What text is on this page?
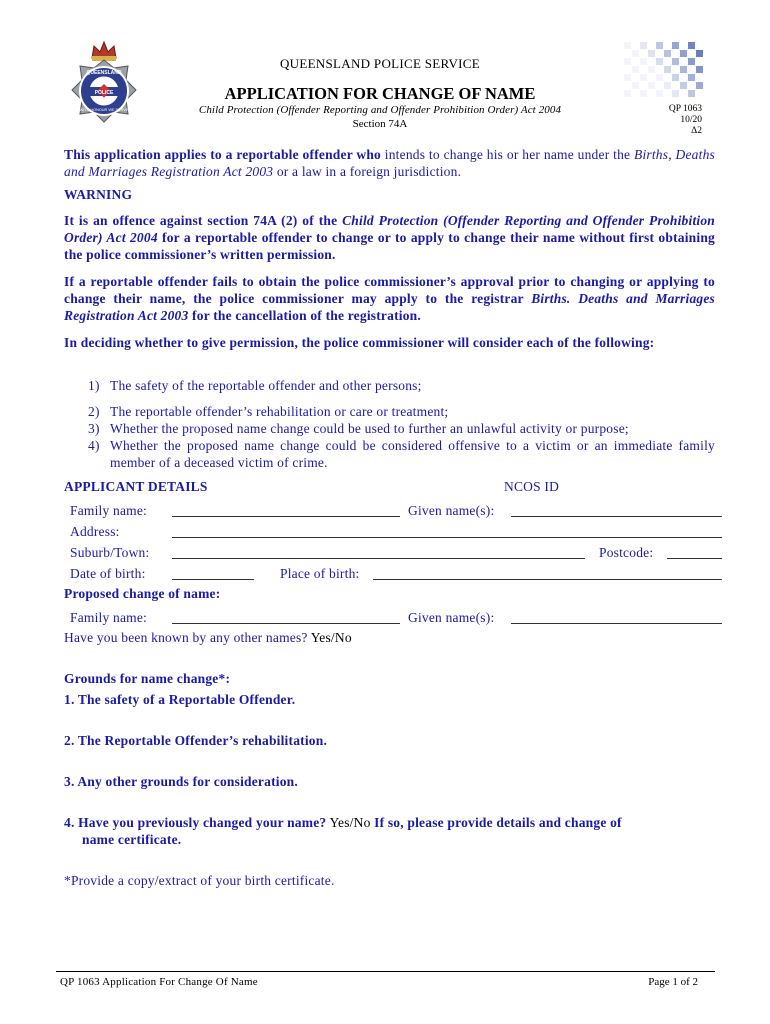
POLICE
QUEENSLAND
WITH HONOUR WE SERVE
QUEENSLAND POLICE SERVICE
APPLICATION FOR CHANGE OF NAME
Child Protection (Offender Reporting and Offender Prohibition Order) Act 2004
Section 74A
QP 1063
10/20
Δ2
This application applies to a reportable offender who intends to change his or her name under the Births, Deaths and Marriages Registration Act 2003 or a law in a foreign jurisdiction.
WARNING
It is an offence against section 74A (2) of the Child Protection (Offender Reporting and Offender Prohibition Order) Act 2004 for a reportable offender to change or to apply to change their name without first obtaining the police commissioner’s written permission.
If a reportable offender fails to obtain the police commissioner’s approval prior to changing or applying to change their name, the police commissioner may apply to the registrar Births. Deaths and Marriages Registration Act 2003 for the cancellation of the registration.
In deciding whether to give permission, the police commissioner will consider each of the following:
1) The safety of the reportable offender and other persons;
2) The reportable offender’s rehabilitation or care or treatment;
3) Whether the proposed name change could be used to further an unlawful activity or purpose;
4) Whether the proposed name change could be considered offensive to a victim or an immediate family member of a deceased victim of crime.
APPLICANT DETAILS	NCOS ID
Family name:	Given name(s):
Address:
Suburb/Town:	Postcode:
Date of birth:	Place of birth:
Proposed change of name:
Family name:	Given name(s):
Have you been known by any other names? Yes/No
Grounds for name change*:
1. The safety of a Reportable Offender.
2. The Reportable Offender’s rehabilitation.
3. Any other grounds for consideration.
4. Have you previously changed your name? Yes/No If so, please provide details and change of
name certificate.
*Provide a copy/extract of your birth certificate.
QP 1063 Application For Change Of Name	Page 1 of 2
